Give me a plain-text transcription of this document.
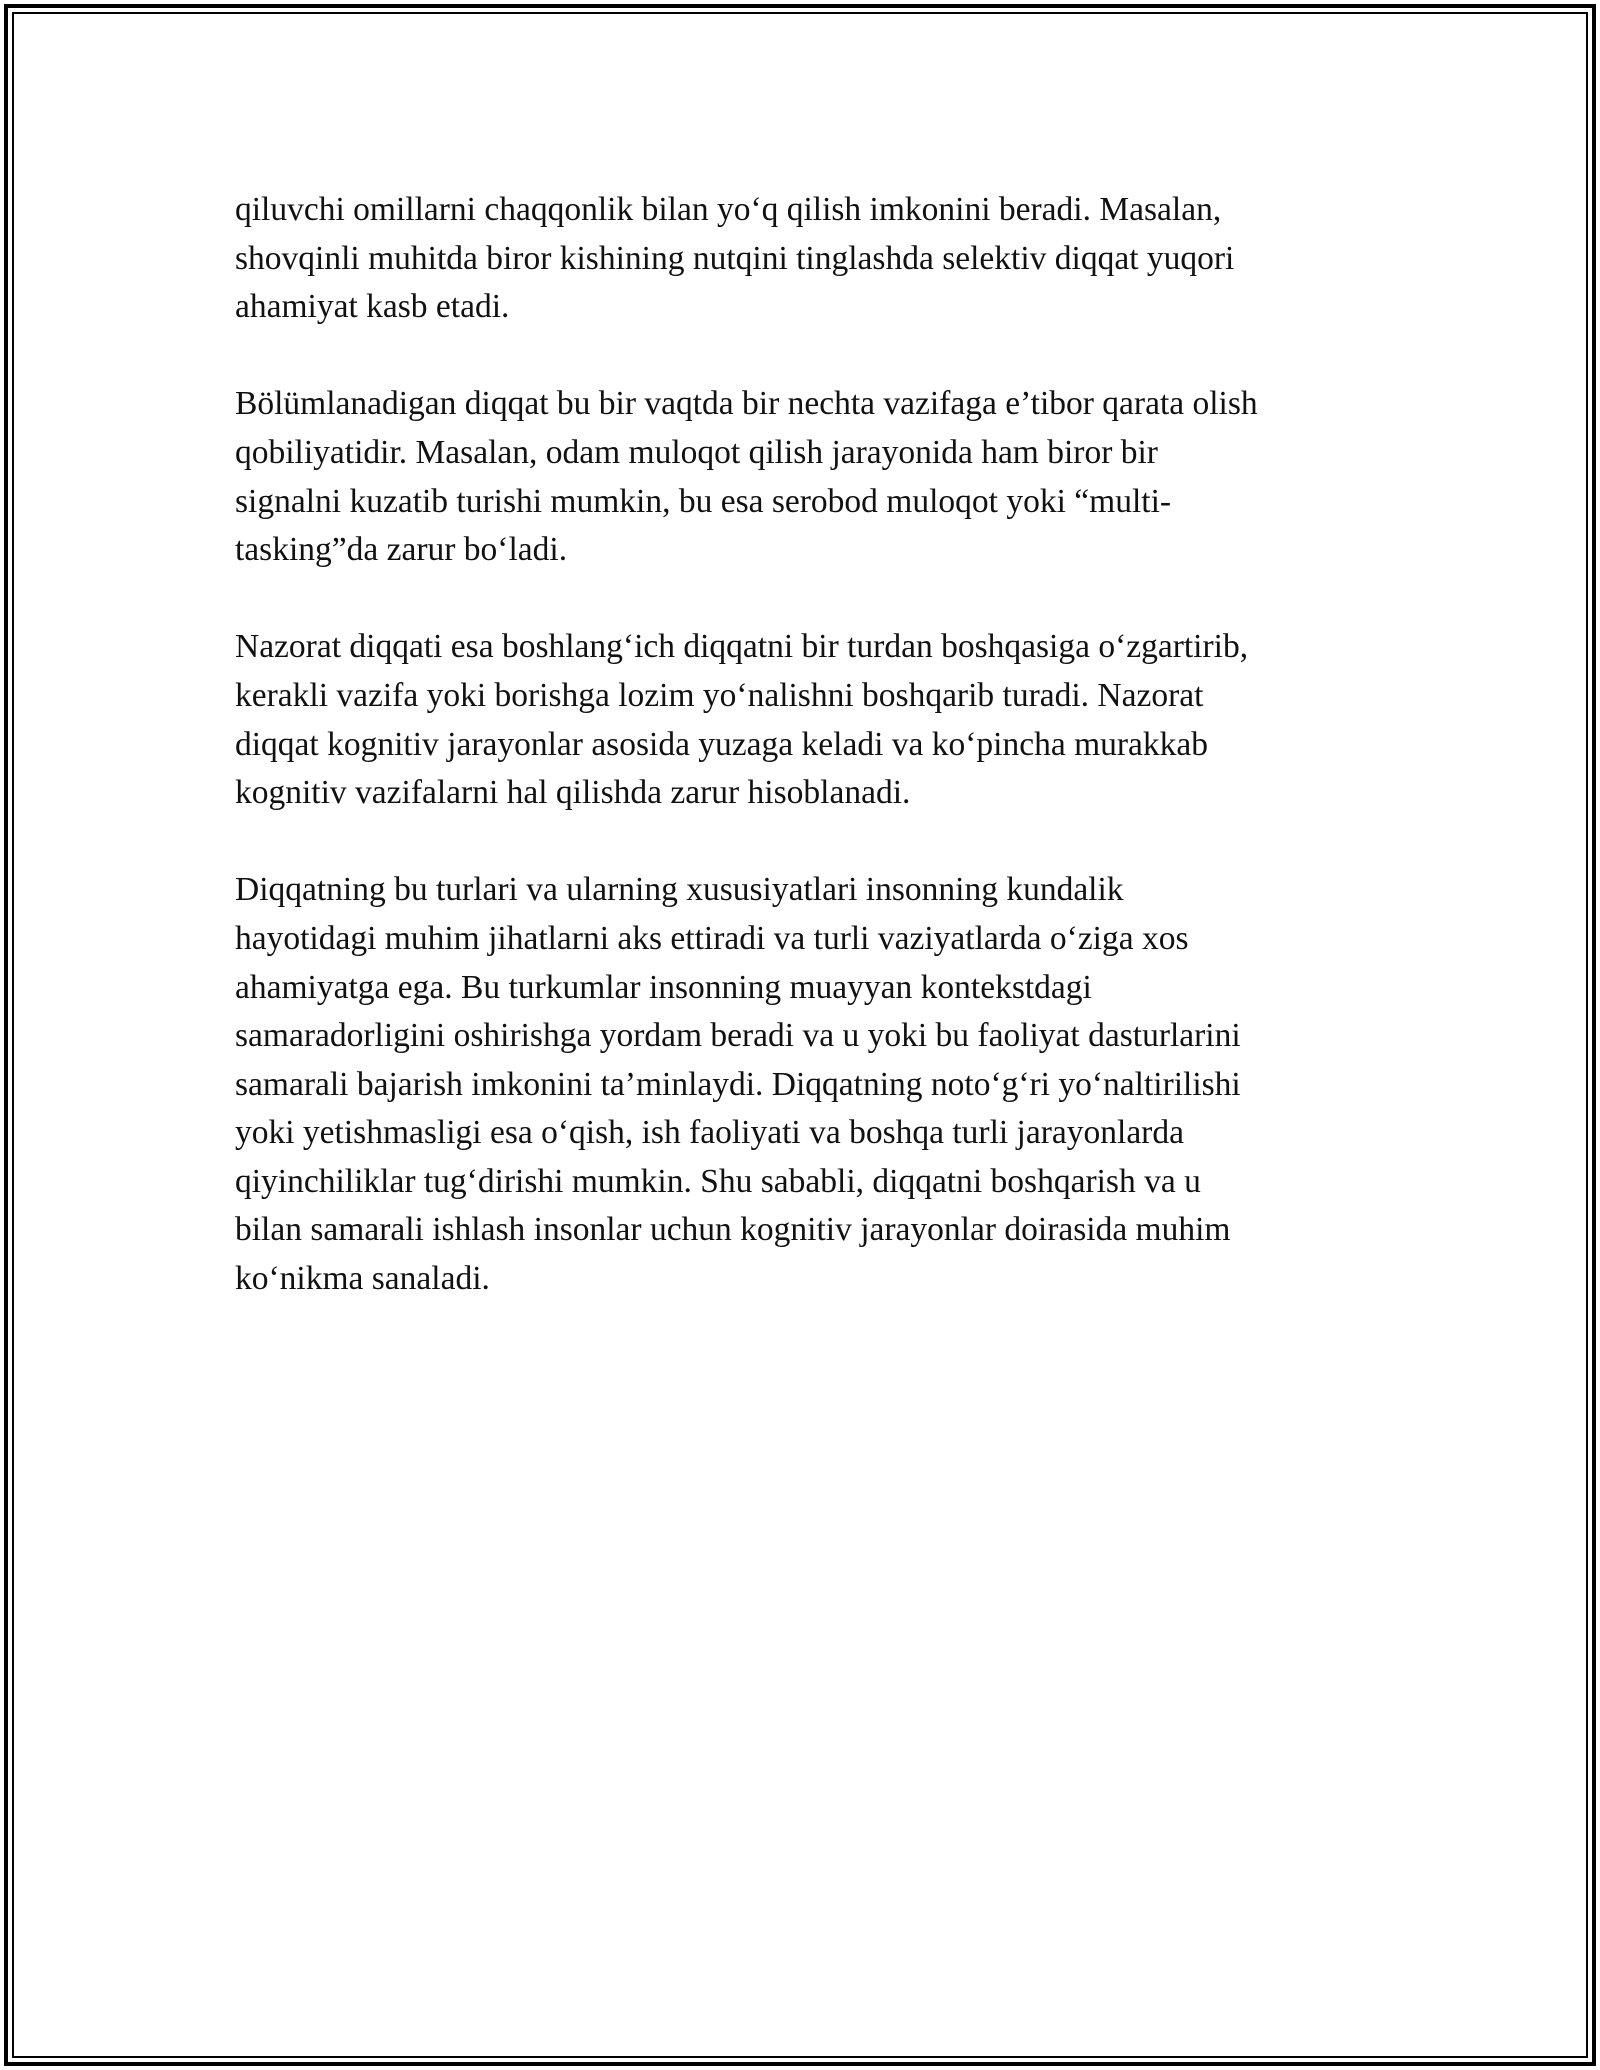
qiluvchi omillarni chaqqonlik bilan yo‘q qilish imkonini beradi. Masalan,
shovqinli muhitda biror kishining nutqini tinglashda selektiv diqqat yuqori
ahamiyat kasb etadi.

Bölümlanadigan diqqat bu bir vaqtda bir nechta vazifaga e’tibor qarata olish
qobiliyatidir. Masalan, odam muloqot qilish jarayonida ham biror bir
signalni kuzatib turishi mumkin, bu esa serobod muloqot yoki “multi-
tasking”da zarur bo‘ladi.

Nazorat diqqati esa boshlang‘ich diqqatni bir turdan boshqasiga o‘zgartirib,
kerakli vazifa yoki borishga lozim yo‘nalishni boshqarib turadi. Nazorat
diqqat kognitiv jarayonlar asosida yuzaga keladi va ko‘pincha murakkab
kognitiv vazifalarni hal qilishda zarur hisoblanadi.

Diqqatning bu turlari va ularning xususiyatlari insonning kundalik
hayotidagi muhim jihatlarni aks ettiradi va turli vaziyatlarda o‘ziga xos
ahamiyatga ega. Bu turkumlar insonning muayyan kontekstdagi
samaradorligini oshirishga yordam beradi va u yoki bu faoliyat dasturlarini
samarali bajarish imkonini ta’minlaydi. Diqqatning noto‘g‘ri yo‘naltirilishi
yoki yetishmasligi esa o‘qish, ish faoliyati va boshqa turli jarayonlarda
qiyinchiliklar tug‘dirishi mumkin. Shu sababli, diqqatni boshqarish va u
bilan samarali ishlash insonlar uchun kognitiv jarayonlar doirasida muhim
ko‘nikma sanaladi.
